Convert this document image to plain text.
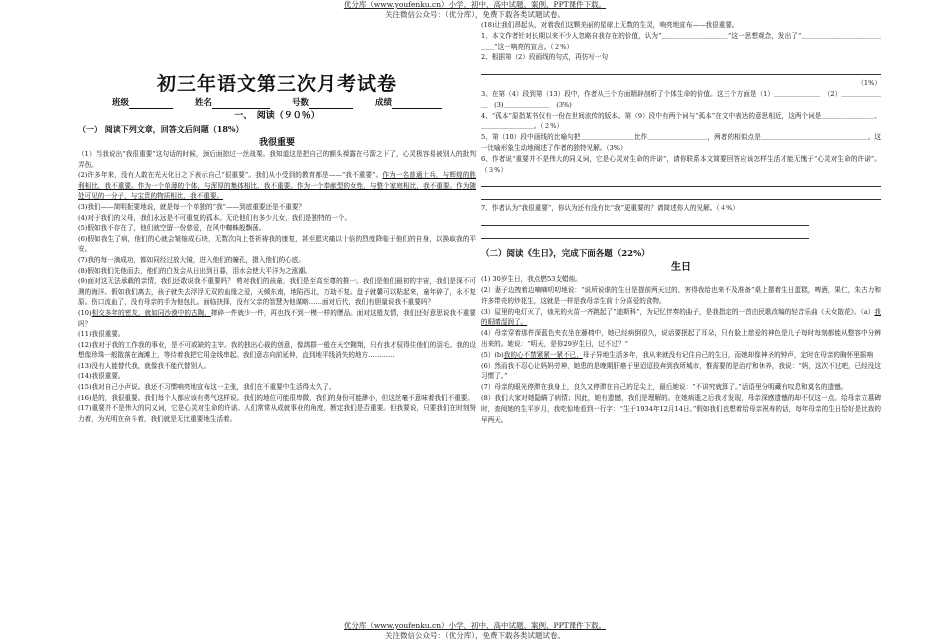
优分库（www.youfenku.cn）小学、初中、高中试题、案例、PPT课件下载。
关注微信公众号：（优分库），免费下载各类试题试卷。
初三年语文第三次月考试卷
班级	姓名	号数	成绩
一、　阅读（９０％）
（一） 阅读下列文章，回答文后问题（18%）
我很重要

（1）当我说出“我很重要”这句话的时候，颈后面掠过一丝战栗。我知道这是把自己的额头裸露在弓箭之下了，心灵极容易被别人的批判弄伤。

(2)许多年来，没有人敢在光天化日之下表示自己“很重要”。我们从小受到的教育都是——“我不重要”。作为一名普通士兵，与辉煌的胜利相比，我不重要。作为一个单薄的个体，与浑厚的集体相比，我不重要。作为一个奉献型的女性，与整个家庭相比，我不重要。作为随处可见的一分子，与宝贵的物质相比，我不重要。

(3)我们——简明扼要地说，就是每一个单独的“我”——到底重要还是不重要？

(4)对于我们的父母，我们永远是不可重复的孤本。无论他们有多少儿女，我们是独特的一个。

(5)假如我不存在了，他们就空留一份慈爱，在风中蜘蛛般飘荡。

(6)假如我生了病，他们的心就会皱缩成石块，无数次向上苍祈祷我的康复，甚至愿灾痛以十倍的烈度降临于他们的自身，以换取我的平安。

(7)我的每一滴成功，都如同经过放大镜，进入他们的瞳孔，摄入他们的心底。

(8)假如我们先他而去，他们的白发会从日出到日暮，泪水会使大平洋为之涨潮。

(9)面对这无法承载的亲情，我们还敢说我不重要吗？ 剪对我们的孩童，我们是至高至尊的推一。我们是他们最初的宇宙，我们是深不可测的海洋。假如我们离去，孩子就失去浮浮无双的血缘之爱，天倾东南，地陷西北，万劫不复。盘子就馨可以粘起来，童年碎了，永不复原。伤口流血了，没有母亲的手为他包扎。面临抉择，没有父亲的智慧为他谋略……面对后代，我们有胆量说我不重要吗？

(10)相交多年的密友，就如同沙漠中的古陶，摔碎一件就少一件，再也找不到一模一样的赝品。面对这般友情，我们还好意思说我不重要吗？

(11)我很重要。

(12)我对于我的工作我的事业，是不可或缺的主宰。我的独出心裁的创意，像鸽群一般在天空翱翔，只有我才驭得住他们的羽毛。我的设想像珍珠一般散落在海滩上，等待着我把它用金线串起。我们意志向前延伸，直到地平线消失的地方…………

(13)没有人能替代我，就像我不能代替别人。

(14)我很重要。

(15)我对自己小声说。我还不习惯响亮地宣布这一主张，我们在不重要中生活得太久了。

(16)是的，我很重要。我们每个人都应该有勇气这样说。我们的地位可能很卑微，我们的身份可能渺小，但这丝毫不意味着我们不重要。

(17)重要并不是伟大的同义词，它是心灵对生命的许诺。人们常常从成就事业的角度，断定我们是否重要。但我要说，只要我们在时刻努力着，为光明在奋斗着，我们就是无比重要地生活着。

(18)让我们昂起头，对着我们这颗美丽的星球上无数的生灵，响亮地宣布——我很重要。

1、本文作者针对长期以来不少人忽略自我存在的价值，认为“＿＿＿＿＿＿＿＿＿＿”这一思想观念，发出了“＿＿＿＿＿＿＿＿＿＿＿＿＿＿”这一响亮的宣言。（２%）

2、根据第（2）段画线的句式，再仿写一句

（1%）

3、在第（4）段到第（13）段中，作者从三个方面精辟剖析了个体生命的价值。这三个方面是（1）＿＿＿＿＿＿＿　（2）＿＿＿＿＿＿＿　(3)＿＿＿＿＿＿＿　(3%)

4、“孤本”原指某书仅有一份在世间流传的版本。第（9）段中有两个词与“孤本”在文中表达的意思相近，这两个词是＿＿＿＿＿＿＿＿、＿＿＿＿＿＿＿＿。（２%）

5、第（10）段中画线的比喻句把＿＿＿＿＿＿＿＿比作＿＿＿＿＿＿＿＿＿，两者的相似点是＿＿＿＿＿＿＿＿＿＿＿＿＿＿＿＿。这一比喻形象生动地阐述了作者的独特见解。（3%）

6、作者说“重要并不是伟大的同义词，它是心灵对生命的许诺”，请你联系本文简要回答应该怎样生活才能无愧于“心灵对生命的许诺”。（３%）

7、作者认为“我很重要”，你认为还有没有比“我”更重要的？请简述你人的见解。（４%）

（二）阅读《生日》，完成下面各题（22%）
生日

(1) 30岁生日，我点燃53支蜡烛。

(2）妻子边拽着边嘀嘀叨叨地说：“说所说谁的生日是提前两天过的，害得我给也来不及准备”桌上摆着生日蛋糕，啤酒，果仁，朱古力和许多带壳的炒花生，这就是一样是我母亲生前十分喜爱的食物。

(3）屋里的电灯灭了，烛光的火苗一齐跳起了“迪斯科”，为记忆伴奏的曲子，是我指定的一首由民歌改编的轻音乐曲《天女散花》。（a）我的眼睛湿润了。

(4）母亲穿着那件深蓝色夹衣坐在藤椅中，她已经病倒很久，说话要抿起了耳朵，只有脸上慈爱的神色是儿子每时每刻都能从整容中分辨出来的。她说：“明天，是你29岁生日，过不过？”

(5）(b)我的心不禁紧紧一紧不已，母子异地生活多年，我从来就没有记住自己的生日，而她却像神圣的钟声，定时在母亲的胸怀里摇响

(6）然而我不忍心让妈妈劳神，她患的是晚期肝癌于里迢迢投奔到我所城市，惟需要的是治疗和休养，我说：“妈，这次不过吧，已经没这习惯了。”

(7）母亲的眼光停滞在我身上，良久又停滞在自己的足尖上，最后她说：“不讲究就算了。”话语里分明藏有叹息和莫名的遗憾。

(8）我们大家对她隐瞒了病情；因此，她有遗憾，我们是理解的。在她病逝之后我才发现，母亲深感遗憾的却不仅这一点。给母亲立墓碑时，查阅她的生平岁月，我吃惊地看到一行字：“生于1934年12月14日。”假如我们也想着给母亲祝寿的话，每年母亲的生日恰好是比我的早两天。

优分库（www.youfenku.cn）小学、初中、高中试题、案例、PPT课件下载。
关注微信公众号：（优分库），免费下载各类试题试卷。
